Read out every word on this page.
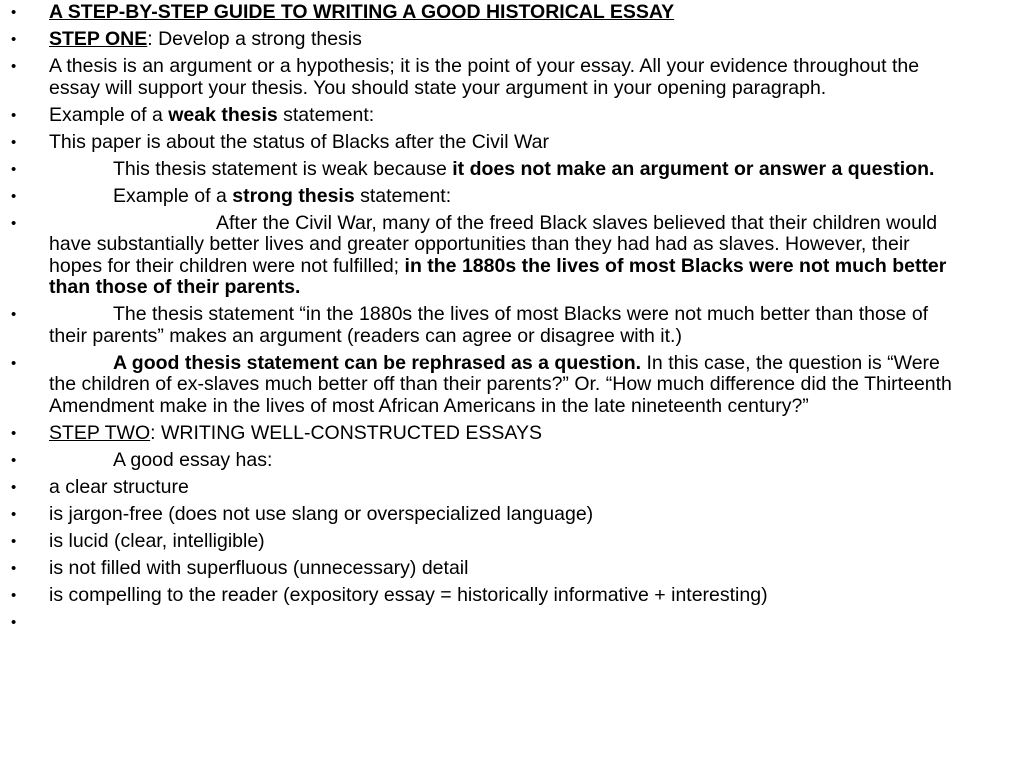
• A STEP-BY-STEP GUIDE TO WRITING A GOOD HISTORICAL ESSAY
• STEP ONE: Develop a strong thesis
• A thesis is an argument or a hypothesis; it is the point of your essay. All your evidence throughout the essay will support your thesis. You should state your argument in your opening paragraph.
• Example of a weak thesis statement:
• This paper is about the status of Blacks after the Civil War
•	This thesis statement is weak because it does not make an argument or answer a question.
•	Example of a strong thesis statement:
•	After the Civil War, many of the freed Black slaves believed that their children would have substantially better lives and greater opportunities than they had had as slaves. However, their hopes for their children were not fulfilled; in the 1880s the lives of most Blacks were not much better than those of their parents.
•	The thesis statement “in the 1880s the lives of most Blacks were not much better than those of their parents” makes an argument (readers can agree or disagree with it.)
•	A good thesis statement can be rephrased as a question. In this case, the question is “Were the children of ex-slaves much better off than their parents?” Or. “How much difference did the Thirteenth Amendment make in the lives of most African Americans in the late nineteenth century?”
• STEP TWO: WRITING WELL-CONSTRUCTED ESSAYS
•	A good essay has:
• a clear structure
• is jargon-free (does not use slang or overspecialized language)
• is lucid (clear, intelligible)
• is not filled with superfluous (unnecessary) detail
• is compelling to the reader (expository essay = historically informative + interesting)
•
